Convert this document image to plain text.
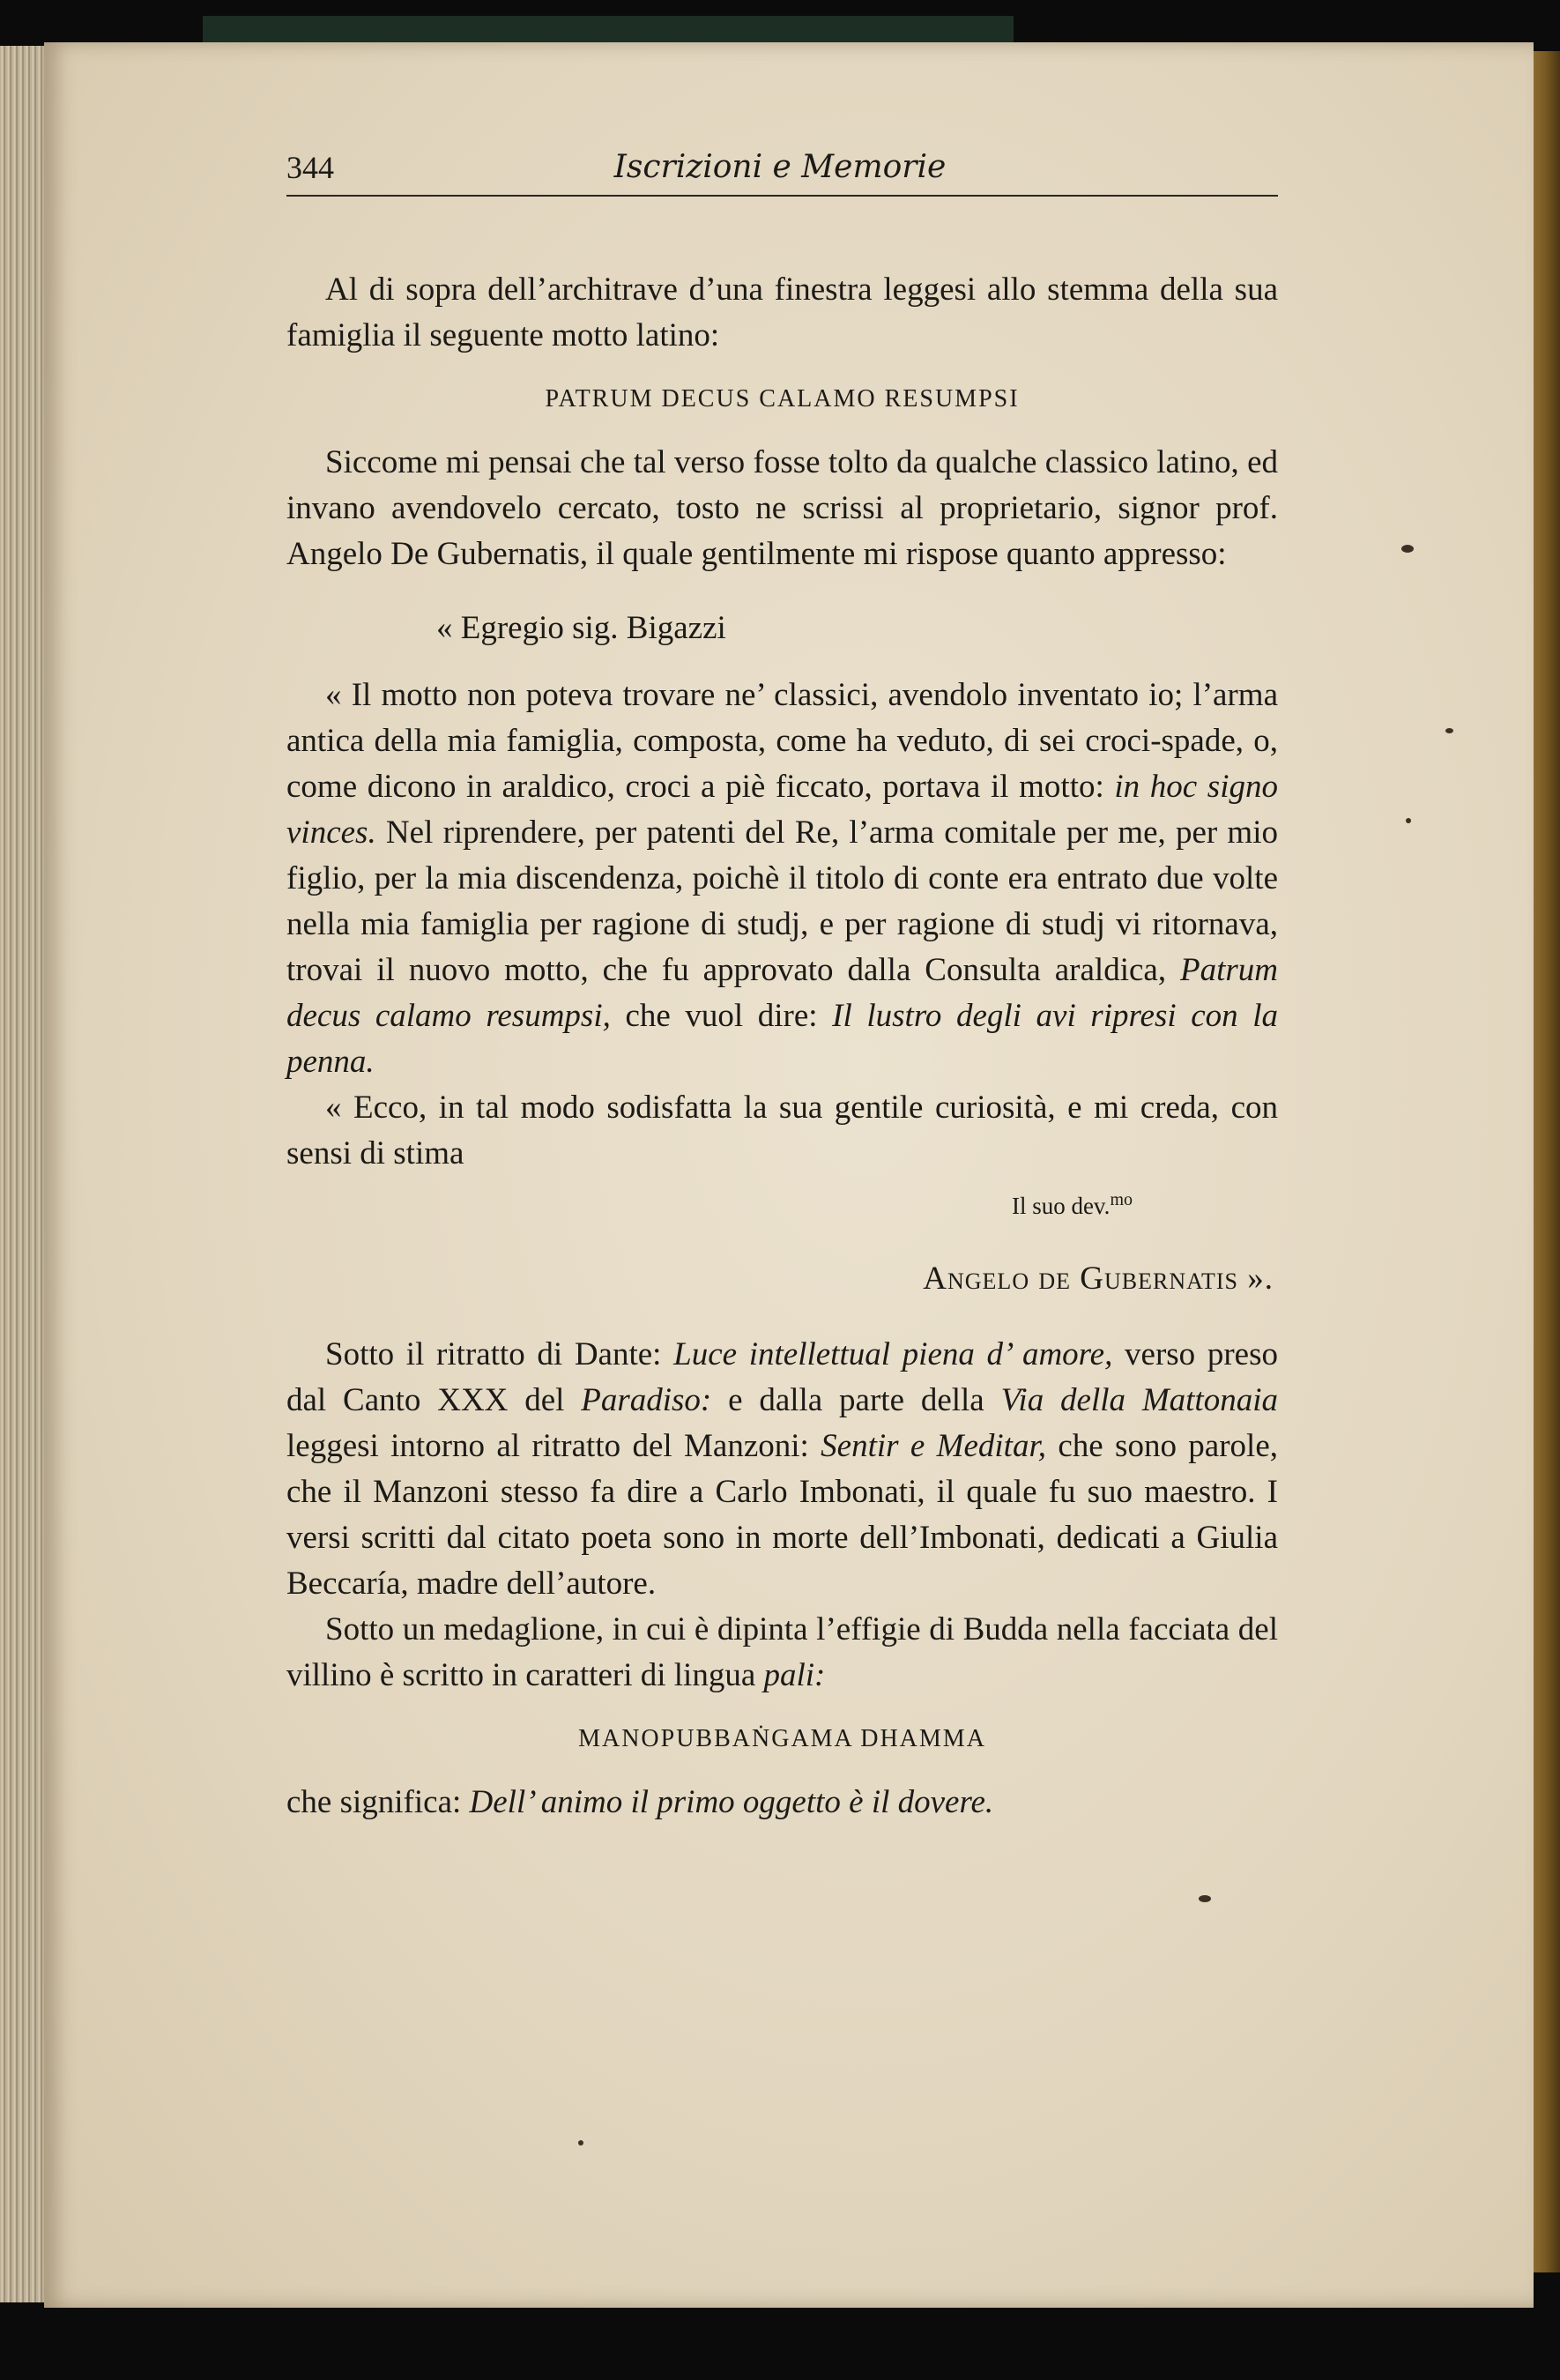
344	Iscrizioni e Memorie

Al di sopra dell’architrave d’una finestra leggesi allo stemma della sua famiglia il seguente motto latino:

PATRUM DECUS CALAMO RESUMPSI

Siccome mi pensai che tal verso fosse tolto da qualche classico latino, ed invano avendovelo cercato, tosto ne scrissi al proprietario, signor prof. Angelo De Gubernatis, il quale gentilmente mi rispose quanto appresso:

« Egregio sig. Bigazzi

« Il motto non poteva trovare ne’ classici, avendolo inventato io; l’arma antica della mia famiglia, composta, come ha veduto, di sei croci-spade, o, come dicono in araldico, croci a piè ficcato, portava il motto: in hoc signo vinces. Nel riprendere, per patenti del Re, l’arma comitale per me, per mio figlio, per la mia discendenza, poichè il titolo di conte era entrato due volte nella mia famiglia per ragione di studj, e per ragione di studj vi ritornava, trovai il nuovo motto, che fu approvato dalla Consulta araldica, Patrum decus calamo resumpsi, che vuol dire: Il lustro degli avi ripresi con la penna.

« Ecco, in tal modo sodisfatta la sua gentile curiosità, e mi creda, con sensi di stima

Il suo dev.$^{mo}$

Angelo de Gubernatis ».

Sotto il ritratto di Dante: Luce intellettual piena d’ amore, verso preso dal Canto XXX del Paradiso: e dalla parte della Via della Mattonaia leggesi intorno al ritratto del Manzoni: Sentir e Meditar, che sono parole, che il Manzoni stesso fa dire a Carlo Imbonati, il quale fu suo maestro. I versi scritti dal citato poeta sono in morte dell’Imbonati, dedicati a Giulia Beccaría, madre dell’autore.

Sotto un medaglione, in cui è dipinta l’effigie di Budda nella facciata del villino è scritto in caratteri di lingua pali:

MANOPUBBAṄGAMA DHAMMA

che significa: Dell’ animo il primo oggetto è il dovere.
